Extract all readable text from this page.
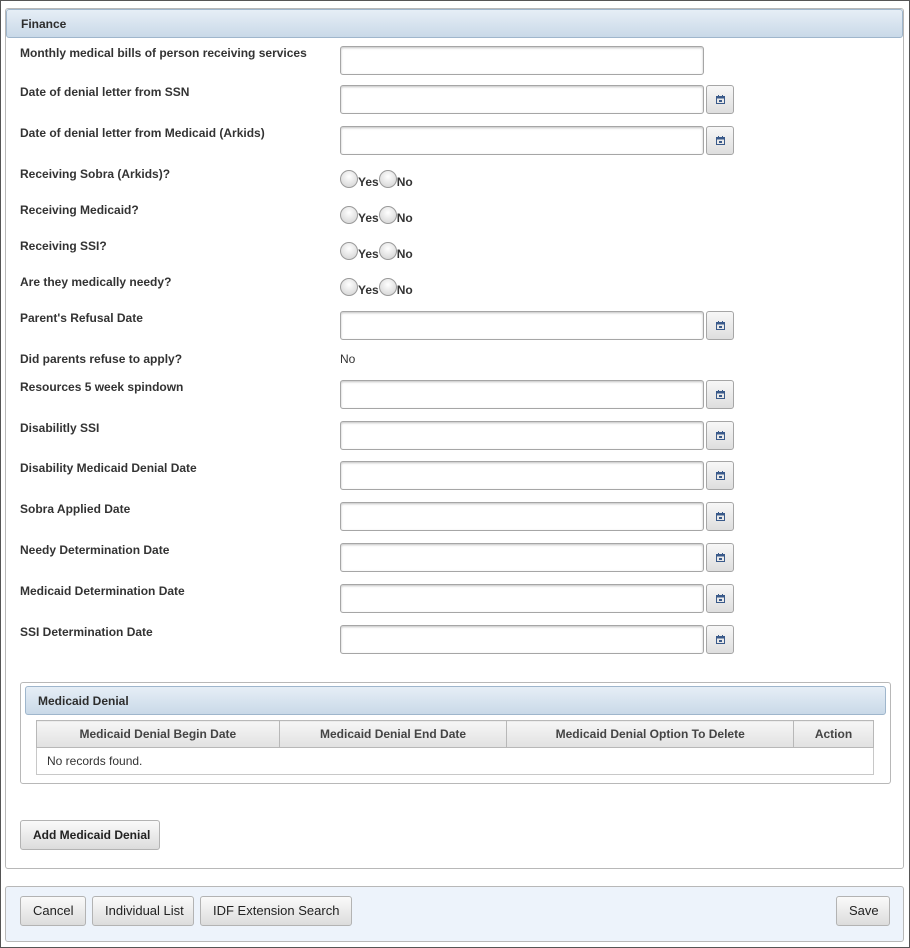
Finance
Monthly medical bills of person receiving services
Date of denial letter from SSN
Date of denial letter from Medicaid (Arkids)
Receiving Sobra (Arkids)?
Yes No
Receiving Medicaid?
Yes No
Receiving SSI?
Yes No
Are they medically needy?
Yes No
Parent's Refusal Date
Did parents refuse to apply?	No
Resources 5 week spindown
Disabilitly SSI
Disability Medicaid Denial Date
Sobra Applied Date
Needy Determination Date
Medicaid Determination Date
SSI Determination Date
Medicaid Denial
Medicaid Denial Begin Date	Medicaid Denial End Date	Medicaid Denial Option To Delete	Action
No records found.
Add Medicaid Denial
Cancel	Individual List	IDF Extension Search	Save
